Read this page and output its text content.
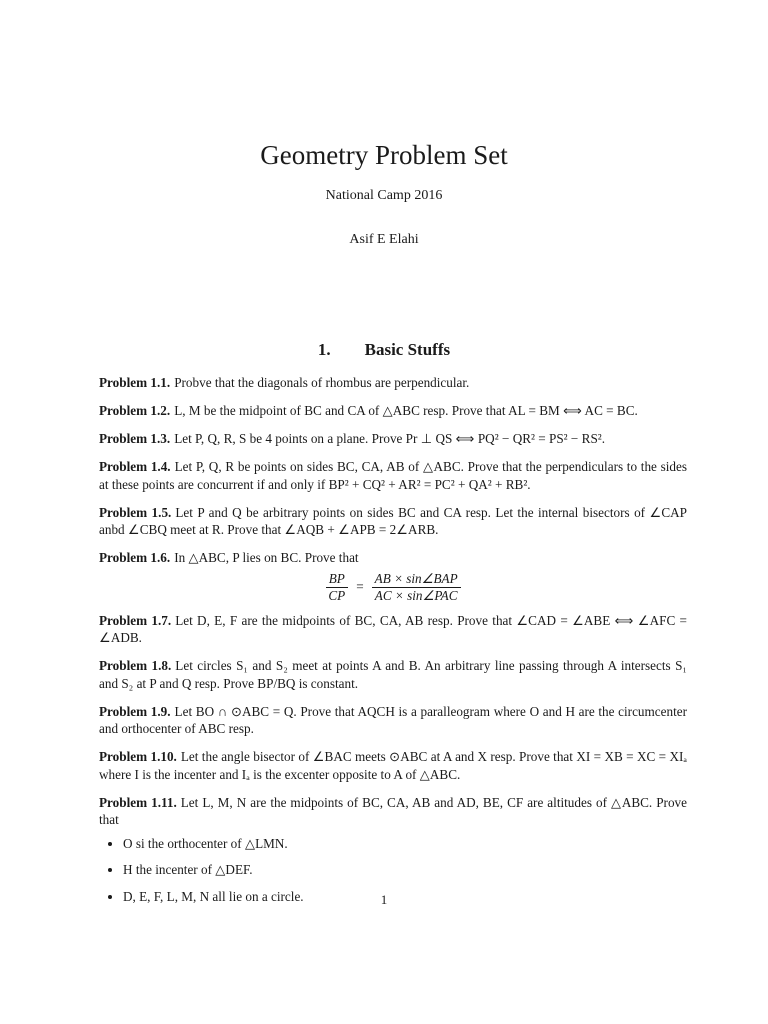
Geometry Problem Set
National Camp 2016
Asif E Elahi
1. Basic Stuffs

Problem 1.1. Probve that the diagonals of rhombus are perpendicular.

Problem 1.2. L, M be the midpoint of BC and CA of △ABC resp. Prove that AL = BM ⟺ AC = BC.

Problem 1.3. Let P, Q, R, S be 4 points on a plane. Prove Pr ⊥ QS ⟺ PQ² − QR² = PS² − RS².

Problem 1.4. Let P, Q, R be points on sides BC, CA, AB of △ABC. Prove that the perpendiculars to the sides at these points are concurrent if and only if BP² + CQ² + AR² = PC² + QA² + RB².

Problem 1.5. Let P and Q be arbitrary points on sides BC and CA resp. Let the internal bisectors of ∠CAP anbd ∠CBQ meet at R. Prove that ∠AQB + ∠APB = 2∠ARB.

Problem 1.6. In △ABC, P lies on BC. Prove that

$\frac{BP}{CP} = \frac{\text{AB × sin∠BAP}}{\text{AC × sin∠PAC}}$

Problem 1.7. Let D, E, F are the midpoints of BC, CA, AB resp. Prove that ∠CAD = ∠ABE ⟺ ∠AFC = ∠ADB.

Problem 1.8. Let circles S₁ and S₂ meet at points A and B. An arbitrary line passing through A intersects S₁ and S₂ at P and Q resp. Prove BP/BQ is constant.

Problem 1.9. Let BO ∩ ⊙ABC = Q. Prove that AQCH is a paralleogram where O and H are the circumcenter and orthocenter of ABC resp.

Problem 1.10. Let the angle bisector of ∠BAC meets ⊙ABC at A and X resp. Prove that XI = XB = XC = XIₐ where I is the incenter and Iₐ is the excenter opposite to A of △ABC.

Problem 1.11. Let L, M, N are the midpoints of BC, CA, AB and AD, BE, CF are altitudes of △ABC. Prove that

• O si the orthocenter of △LMN.
• H the incenter of △DEF.
• D, E, F, L, M, N all lie on a circle.	1
